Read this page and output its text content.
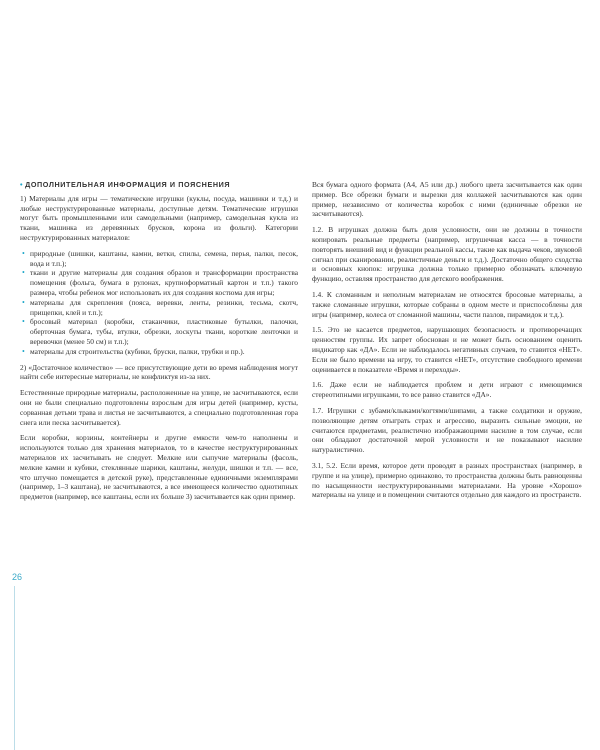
• ДОПОЛНИТЕЛЬНАЯ ИНФОРМАЦИЯ И ПОЯСНЕНИЯ

1) Материалы для игры — тематические игрушки (куклы, посуда, машинки и т.д.) и любые неструктурированные материалы, доступные детям. Тематические игрушки могут быть промышленными или самодельными (например, самодельная кукла из ткани, машинка из деревянных брусков, корона из фольги). Категории неструктурированных материалов:

• природные (шишки, каштаны, камни, ветки, спилы, семена, перья, палки, песок, вода и т.п.);
• ткани и другие материалы для создания образов и трансформации пространства помещения (фольга, бумага в рулонах, крупноформатный картон и т.п.) такого размера, чтобы ребенок мог использовать их для создания костюма для игры;
• материалы для скрепления (пояса, веревки, ленты, резинки, тесьма, скотч, прищепки, клей и т.п.);
• бросовый материал (коробки, стаканчики, пластиковые бутылки, палочки, оберточная бумага, тубы, втулки, обрезки, лоскуты ткани, короткие ленточки и веревочки (менее 50 см) и т.п.);
• материалы для строительства (кубики, бруски, палки, трубки и пр.).

2) «Достаточное количество» — все присутствующие дети во время наблюдения могут найти себе интересные материалы, не конфликтуя из-за них.

Естественные природные материалы, расположенные на улице, не засчитываются, если они не были специально подготовлены взрослым для игры детей (например, кусты, сорванная детьми трава и листья не засчитываются, а специально подготовленная гора снега или песка засчитывается).

Если коробки, корзины, контейнеры и другие емкости чем-то наполнены и используются только для хранения материалов, то в качестве неструктурированных материалов их засчитывать не следует. Мелкие или сыпучие материалы (фасоль, мелкие камни и кубики, стеклянные шарики, каштаны, желуди, шишки и т.п. — все, что штучно помещается в детской руке), представленные единичными экземплярами (например, 1–3 каштана), не засчитываются, а все имеющееся количество однотипных предметов (например, все каштаны, если их больше 3) засчитывается как один пример.

Вся бумага одного формата (А4, А5 или др.) любого цвета засчитывается как один пример. Все обрезки бумаги и вырезки для коллажей засчитываются как один пример, независимо от количества коробок с ними (единичные обрезки не засчитываются).

1.2. В игрушках должна быть доля условности, они не должны в точности копировать реальные предметы (например, игрушечная касса — в точности повторять внешний вид и функции реальной кассы, такие как выдача чеков, звуковой сигнал при сканировании, реалистичные деньги и т.д.). Достаточно общего сходства и основных кнопок: игрушка должна только примерно обозначать ключевую функцию, оставляя пространство для детского воображения.

1.4. К сломанным и неполным материалам не относятся бросовые материалы, а также сломанные игрушки, которые собраны в одном месте и приспособлены для игры (например, колеса от сломанной машины, части пазлов, пирамидок и т.д.).

1.5. Это не касается предметов, нарушающих безопасность и противоречащих ценностям группы. Их запрет обоснован и не может быть основанием оценить индикатор как «ДА». Если не наблюдалось негативных случаев, то ставится «НЕТ». Если не было времени на игру, то ставится «НЕТ», отсутствие свободного времени оценивается в показателе «Время и переходы».

1.6. Даже если не наблюдается проблем и дети играют с имеющимися стереотипными игрушками, то все равно ставится «ДА».

1.7. Игрушки с зубами/клыками/когтями/шипами, а также солдатики и оружие, позволяющие детям отыграть страх и агрессию, выразить сильные эмоции, не считаются предметами, реалистично изображающими насилие в том случае, если они обладают достаточной мерой условности и не показывают насилие натуралистично.

3.1, 5.2. Если время, которое дети проводят в разных пространствах (например, в группе и на улице), примерно одинаково, то пространства должны быть равноценны по насыщенности неструктурированными материалами. На уровне «Хорошо» материалы на улице и в помещении считаются отдельно для каждого из пространств.

26
